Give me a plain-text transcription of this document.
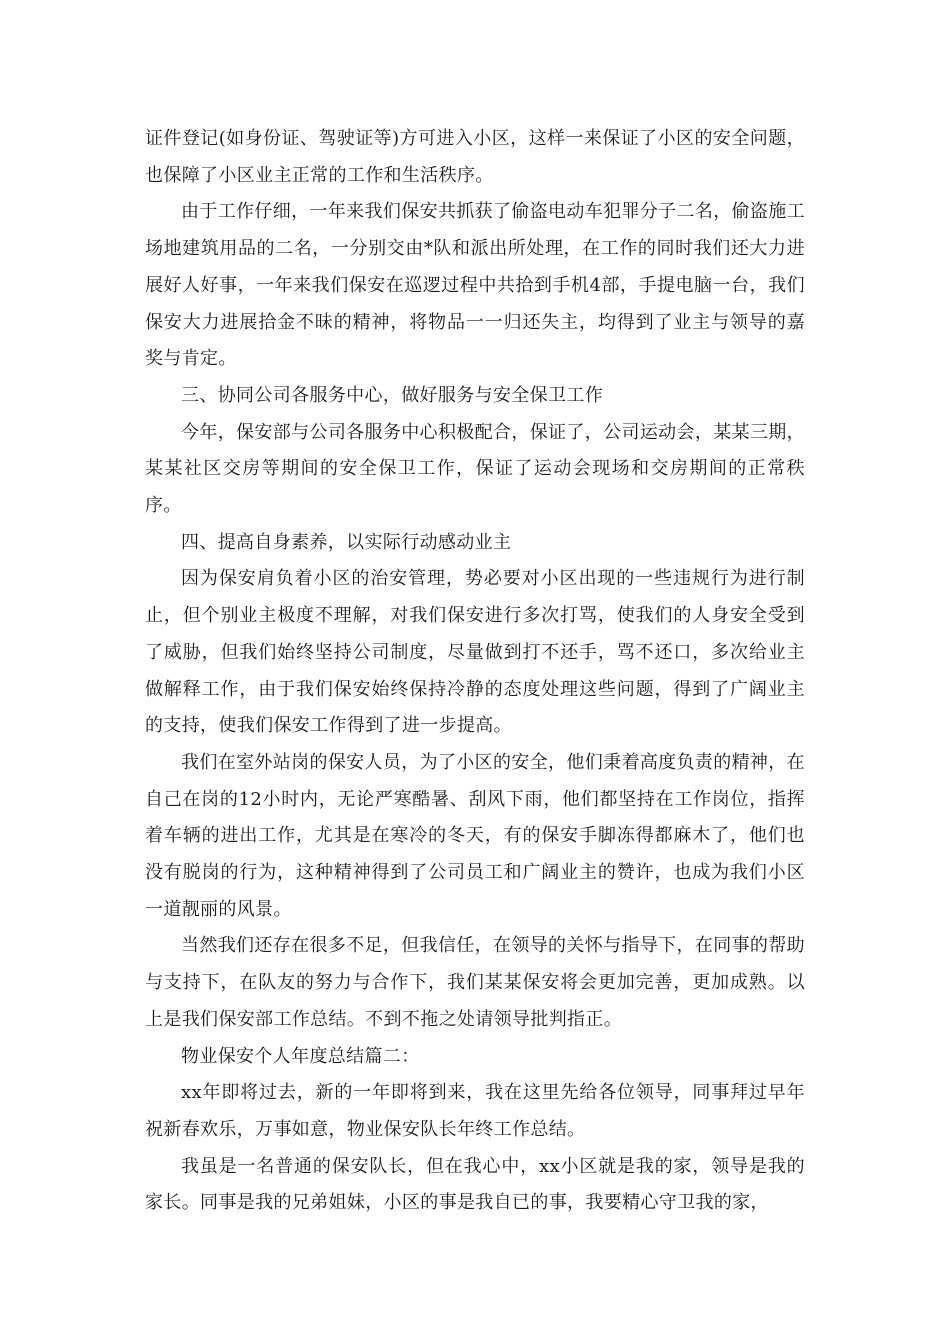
证件登记(如身份证、驾驶证等)方可进入小区，这样一来保证了小区的安全问题，也保障了小区业主正常的工作和生活秩序。

由于工作仔细，一年来我们保安共抓获了偷盗电动车犯罪分子二名，偷盗施工场地建筑用品的二名，一分别交由*队和派出所处理，在工作的同时我们还大力进展好人好事，一年来我们保安在巡逻过程中共拾到手机4部，手提电脑一台，我们保安大力进展拾金不昧的精神，将物品一一归还失主，均得到了业主与领导的嘉奖与肯定。

三、协同公司各服务中心，做好服务与安全保卫工作

今年，保安部与公司各服务中心积极配合，保证了，公司运动会，某某三期，某某社区交房等期间的安全保卫工作，保证了运动会现场和交房期间的正常秩序。

四、提高自身素养，以实际行动感动业主

因为保安肩负着小区的治安管理，势必要对小区出现的一些违规行为进行制止，但个别业主极度不理解，对我们保安进行多次打骂，使我们的人身安全受到了威胁，但我们始终坚持公司制度，尽量做到打不还手，骂不还口，多次给业主做解释工作，由于我们保安始终保持冷静的态度处理这些问题，得到了广阔业主的支持，使我们保安工作得到了进一步提高。

我们在室外站岗的保安人员，为了小区的安全，他们秉着高度负责的精神，在自己在岗的12小时内，无论严寒酷暑、刮风下雨，他们都坚持在工作岗位，指挥着车辆的进出工作，尤其是在寒冷的冬天，有的保安手脚冻得都麻木了，他们也没有脱岗的行为，这种精神得到了公司员工和广阔业主的赞许，也成为我们小区一道靓丽的风景。

当然我们还存在很多不足，但我信任，在领导的关怀与指导下，在同事的帮助与支持下，在队友的努力与合作下，我们某某保安将会更加完善，更加成熟。以上是我们保安部工作总结。不到不拖之处请领导批判指正。

物业保安个人年度总结篇二：

xx年即将过去，新的一年即将到来，我在这里先给各位领导，同事拜过早年祝新春欢乐，万事如意，物业保安队长年终工作总结。

我虽是一名普通的保安队长，但在我心中，xx小区就是我的家，领导是我的家长。同事是我的兄弟姐妹，小区的事是我自已的事，我要精心守卫我的家，
